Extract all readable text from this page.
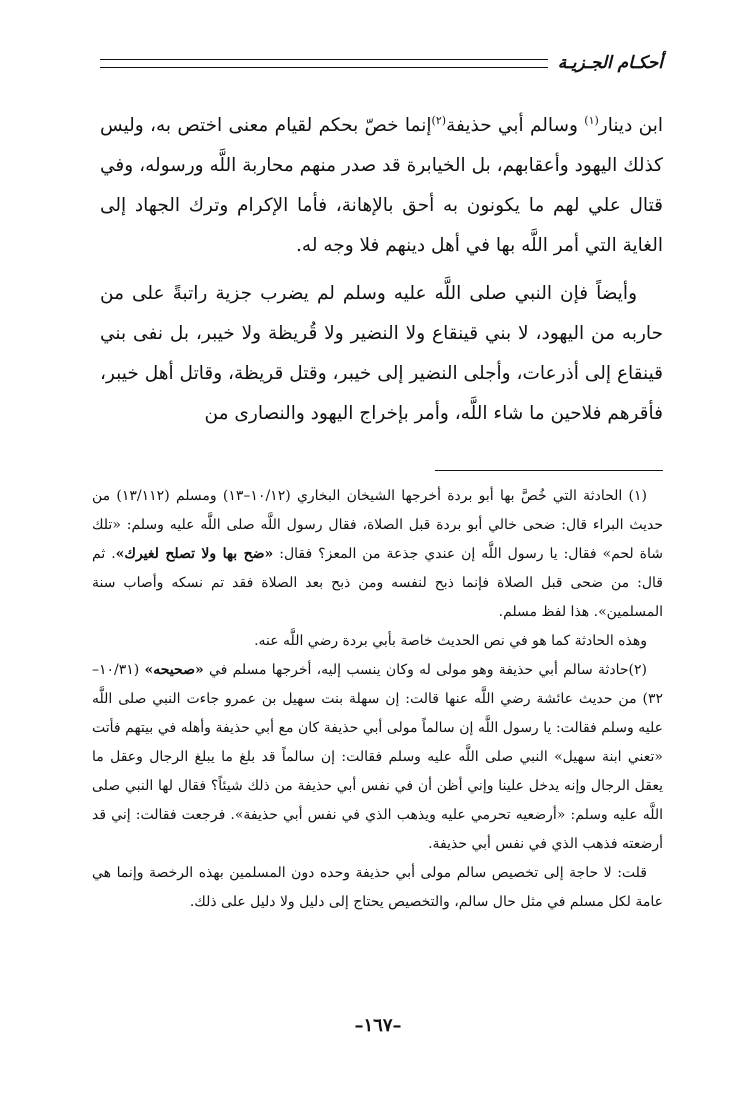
أحكـام الجـزيـة

ابن دينار$^{(١)}$ وسالم أبي حذيفة$^{(٢)}$إنما خصّ بحكم لقيام معنى اختص به، وليس كذلك اليهود وأعقابهم، بل الخيابرة قد صدر منهم محاربة اللَّه ورسوله، وفي قتال علي لهم ما يكونون به أحق بالإهانة، فأما الإكرام وترك الجهاد إلى الغاية التي أمر اللَّه بها في أهل دينهم فلا وجه له.

وأيضاً فإن النبي صلى اللَّه عليه وسلم لم يضرب جزية راتبةً على من حاربه من اليهود، لا بني قينقاع ولا النضير ولا قُريظة ولا خيبر، بل نفى بني قينقاع إلى أذرعات، وأجلى النضير إلى خيبر، وقتل قريظة، وقاتل أهل خيبر، فأقرهم فلاحين ما شاء اللَّه، وأمر بإخراج اليهود والنصارى من

(١) الحادثة التي خُصَّ بها أبو بردة أخرجها الشيخان البخاري (١٠/١٢–١٣) ومسلم (١٣/١١٢) من حديث البراء قال: ضحى خالي أبو بردة قبل الصلاة، فقال رسول اللَّه صلى اللَّه عليه وسلم: «تلك شاة لحم» فقال: يا رسول اللَّه إن عندي جذعة من المعز؟ فقال: «ضح بها ولا تصلح لغيرك». ثم قال: من ضحى قبل الصلاة فإنما ذبح لنفسه ومن ذبح بعد الصلاة فقد تم نسكه وأصاب سنة المسلمين». هذا لفظ مسلم.

وهذه الحادثة كما هو في نص الحديث خاصة بأبي بردة رضي اللَّه عنه.

(٢)حادثة سالم أبي حذيفة وهو مولى له وكان ينسب إليه، أخرجها مسلم في «صحيحه» (١٠/٣١–٣٢) من حديث عائشة رضي اللَّه عنها قالت: إن سهلة بنت سهيل بن عمرو جاءت النبي صلى اللَّه عليه وسلم فقالت: يا رسول اللَّه إن سالماً مولى أبي حذيفة كان مع أبي حذيفة وأهله في بيتهم فأتت «تعني ابنة سهيل» النبي صلى اللَّه عليه وسلم فقالت: إن سالماً قد بلغ ما يبلغ الرجال وعقل ما يعقل الرجال وإنه يدخل علينا وإني أظن أن في نفس أبي حذيفة من ذلك شيئاً؟ فقال لها النبي صلى اللَّه عليه وسلم: «أرضعيه تحرمي عليه ويذهب الذي في نفس أبي حذيفة». فرجعت فقالت: إني قد أرضعته فذهب الذي في نفس أبي حذيفة.

قلت: لا حاجة إلى تخصيص سالم مولى أبي حذيفة وحده دون المسلمين بهذه الرخصة وإنما هي عامة لكل مسلم في مثل حال سالم، والتخصيص يحتاج إلى دليل ولا دليل على ذلك.

–١٦٧–
